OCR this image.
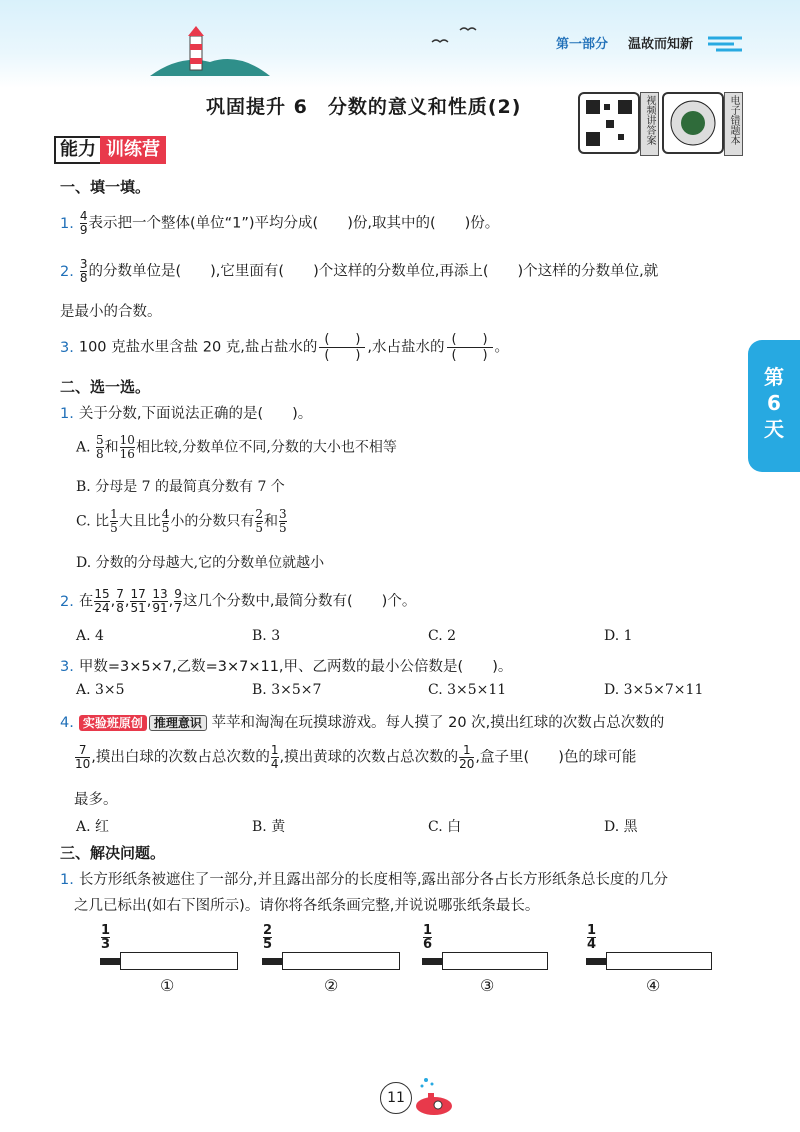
第一部分 温故而知新
巩固提升 6　分数的意义和性质(2)	视频讲答案	电子错题本
能力 训练营
第
6
天
一、填一填。
1. $\frac{4}{9}$ 表示把一个整体(单位“1”)平均分成(　　)份,取其中的(　　)份。
2. $\frac{3}{8}$ 的分数单位是(　　),它里面有(　　)个这样的分数单位,再添上(　　)个这样的分数单位,就
是最小的合数。
3. 100 克盐水里含盐 20 克,盐占盐水的 $\frac{( )}{( )}$ ,水占盐水的 $\frac{( )}{( )}$ 。
二、选一选。
1. 关于分数,下面说法正确的是(　　)。
A. $\frac{5}{8}$ 和 $\frac{10}{16}$ 相比较,分数单位不同,分数的大小也不相等
B. 分母是 7 的最简真分数有 7 个
C. 比 $\frac{1}{5}$ 大且比 $\frac{4}{5}$ 小的分数只有 $\frac{2}{5}$ 和 $\frac{3}{5}$
D. 分数的分母越大,它的分数单位就越小
2. 在 $\frac{15}{24}$ , $\frac{7}{8}$ , $\frac{17}{51}$ , $\frac{13}{91}$ , $\frac{9}{7}$ 这几个分数中,最简分数有(　　)个。
A. 4	B. 3	C. 2	D. 1
3. 甲数=3×5×7,乙数=3×7×11,甲、乙两数的最小公倍数是(　　)。
A. 3×5	B. 3×5×7	C. 3×5×11	D. 3×5×7×11
4. 实验班原创 推理意识 苹苹和淘淘在玩摸球游戏。每人摸了 20 次,摸出红球的次数占总次数的
$\frac{7}{10}$ ,摸出白球的次数占总次数的 $\frac{1}{4}$ ,摸出黄球的次数占总次数的 $\frac{1}{20}$ ,盒子里(　　)色的球可能
最多。
A. 红	B. 黄	C. 白	D. 黑
三、解决问题。
1. 长方形纸条被遮住了一部分,并且露出部分的长度相等,露出部分各占长方形纸条总长度的几分
之几已标出(如右下图所示)。请你将各纸条画完整,并说说哪张纸条最长。
$\frac{1}{3}$
①
$\frac{2}{5}$
②
$\frac{1}{6}$
③
$\frac{1}{4}$
④
11
